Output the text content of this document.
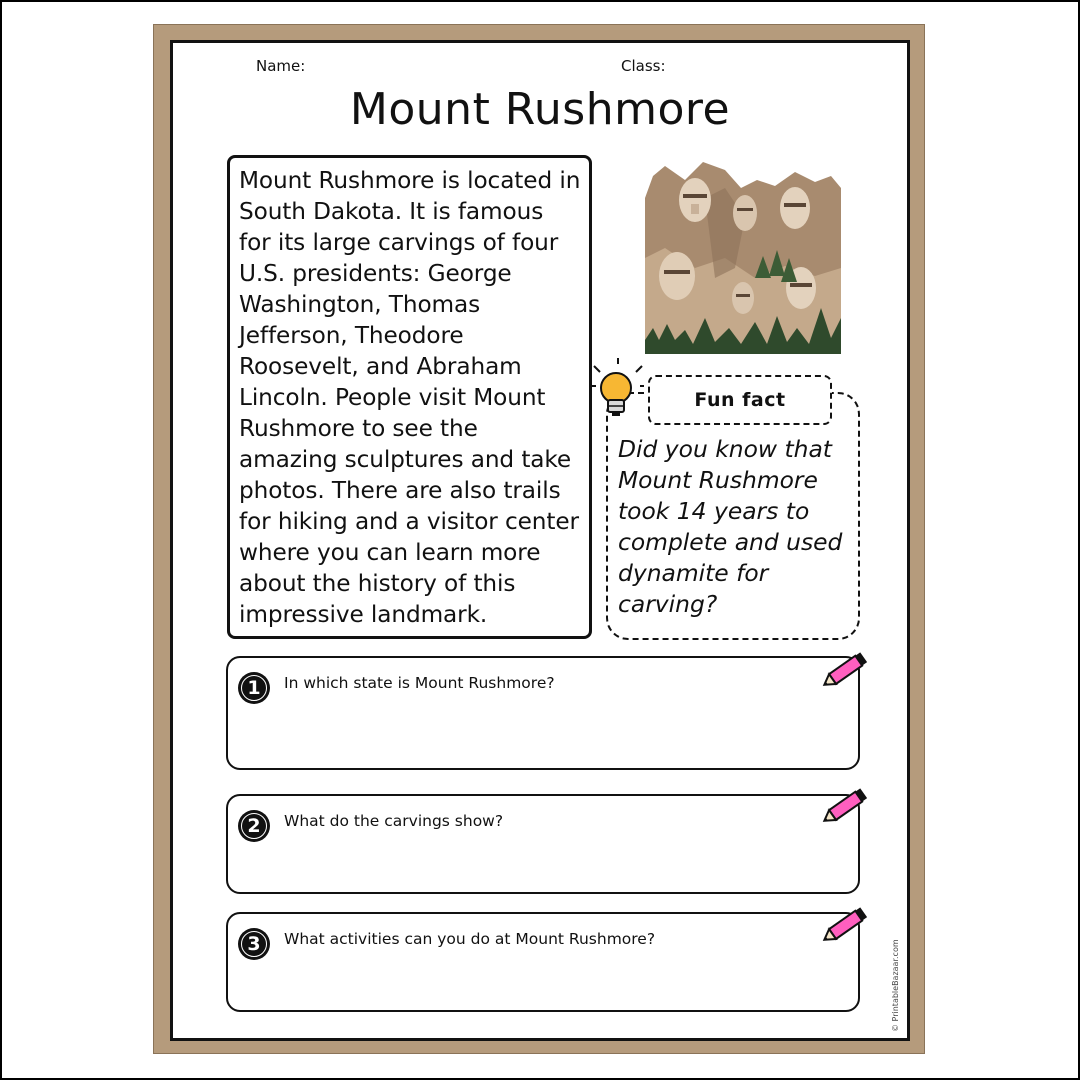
Name:	Class:
Mount Rushmore
Mount Rushmore is located in South Dakota. It is famous for its large carvings of four U.S. presidents: George Washington, Thomas Jefferson, Theodore Roosevelt, and Abraham Lincoln. People visit Mount Rushmore to see the amazing sculptures and take photos. There are also trails for hiking and a visitor center where you can learn more about the history of this impressive landmark.
Fun fact
Did you know that Mount Rushmore took 14 years to complete and used dynamite for carving?
1 In which state is Mount Rushmore?
2 What do the carvings show?
3 What activities can you do at Mount Rushmore?
© PrintableBazaar.com
